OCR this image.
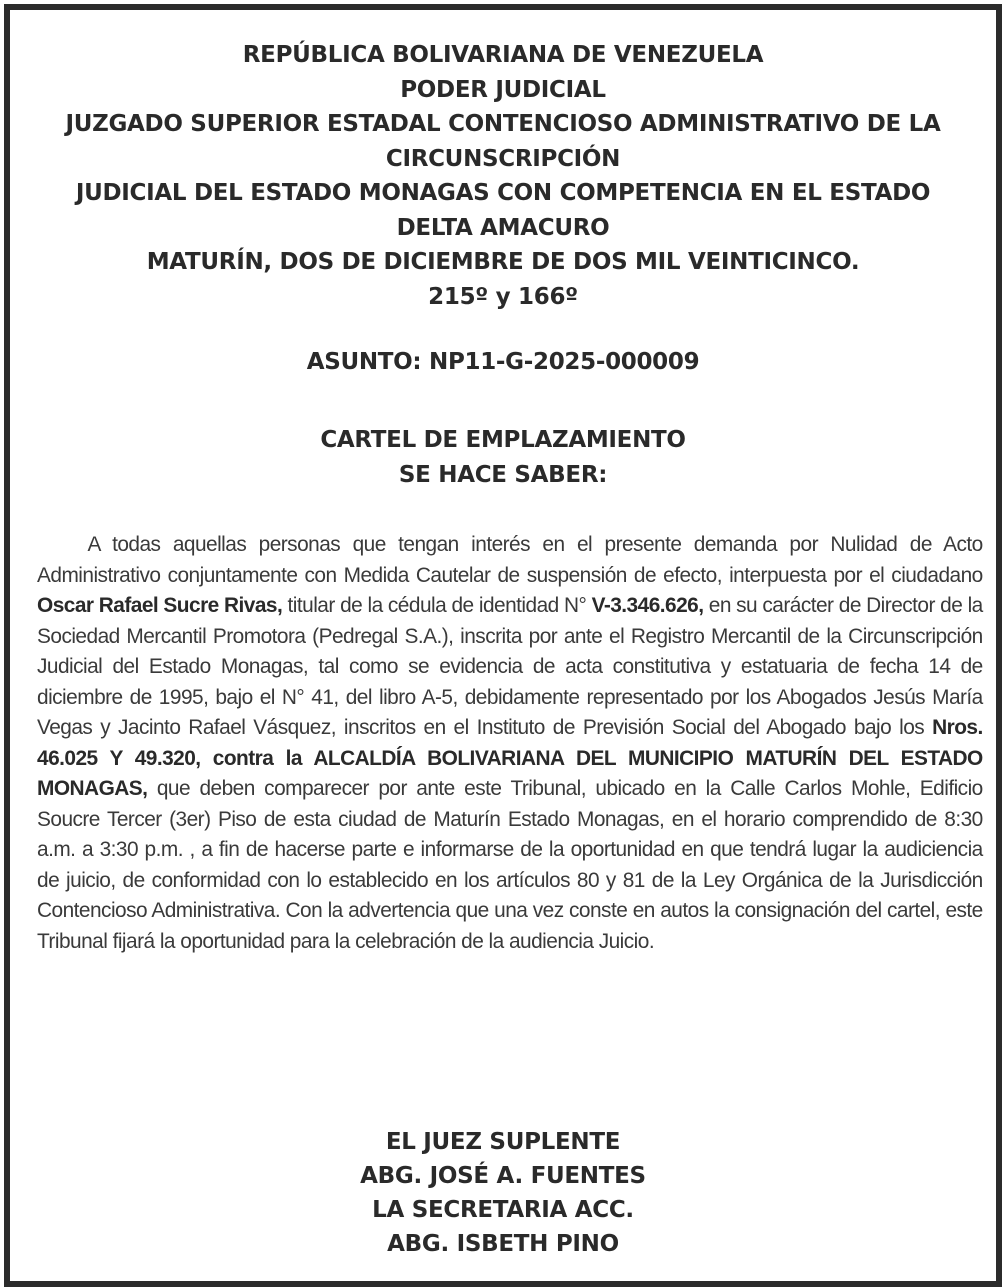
REPÚBLICA BOLIVARIANA DE VENEZUELA
PODER JUDICIAL
JUZGADO SUPERIOR ESTADAL CONTENCIOSO ADMINISTRATIVO DE LA
CIRCUNSCRIPCIÓN
JUDICIAL DEL ESTADO MONAGAS CON COMPETENCIA EN EL ESTADO
DELTA AMACURO
MATURÍN, DOS DE DICIEMBRE DE DOS MIL VEINTICINCO.
215º y 166º
ASUNTO: NP11-G-2025-000009
CARTEL DE EMPLAZAMIENTO
SE HACE SABER:

A todas aquellas personas que tengan interés en el presente demanda por Nulidad de Acto Administrativo conjuntamente con Medida Cautelar de suspensión de efecto, interpuesta por el ciudadano Oscar Rafael Sucre Rivas, titular de la cédula de identidad N° V-3.346.626, en su carácter de Director de la Sociedad Mercantil Promotora (Pedregal S.A.), inscrita por ante el Registro Mercantil de la Circunscripción Judicial del Estado Monagas, tal como se evidencia de acta constitutiva y estatuaria de fecha 14 de diciembre de 1995, bajo el N° 41, del libro A-5, debidamente representado por los Abogados Jesús María Vegas y Jacinto Rafael Vásquez, inscritos en el Instituto de Previsión Social del Abogado bajo los Nros. 46.025 Y 49.320, contra la ALCALDÍA BOLIVARIANA DEL MUNICIPIO MATURÍN DEL ESTADO MONAGAS, que deben comparecer por ante este Tribunal, ubicado en la Calle Carlos Mohle, Edificio Soucre Tercer (3er) Piso de esta ciudad de Maturín Estado Monagas, en el horario comprendido de 8:30 a.m. a 3:30 p.m. , a fin de hacerse parte e informarse de la oportunidad en que tendrá lugar la audiciencia de juicio, de conformidad con lo establecido en los artículos 80 y 81 de la Ley Orgánica de la Jurisdicción Contencioso Administrativa. Con la advertencia que una vez conste en autos la consignación del cartel, este Tribunal fijará la oportunidad para la celebración de la audiencia Juicio.

EL JUEZ SUPLENTE
ABG. JOSÉ A. FUENTES
LA SECRETARIA ACC.
ABG. ISBETH PINO
